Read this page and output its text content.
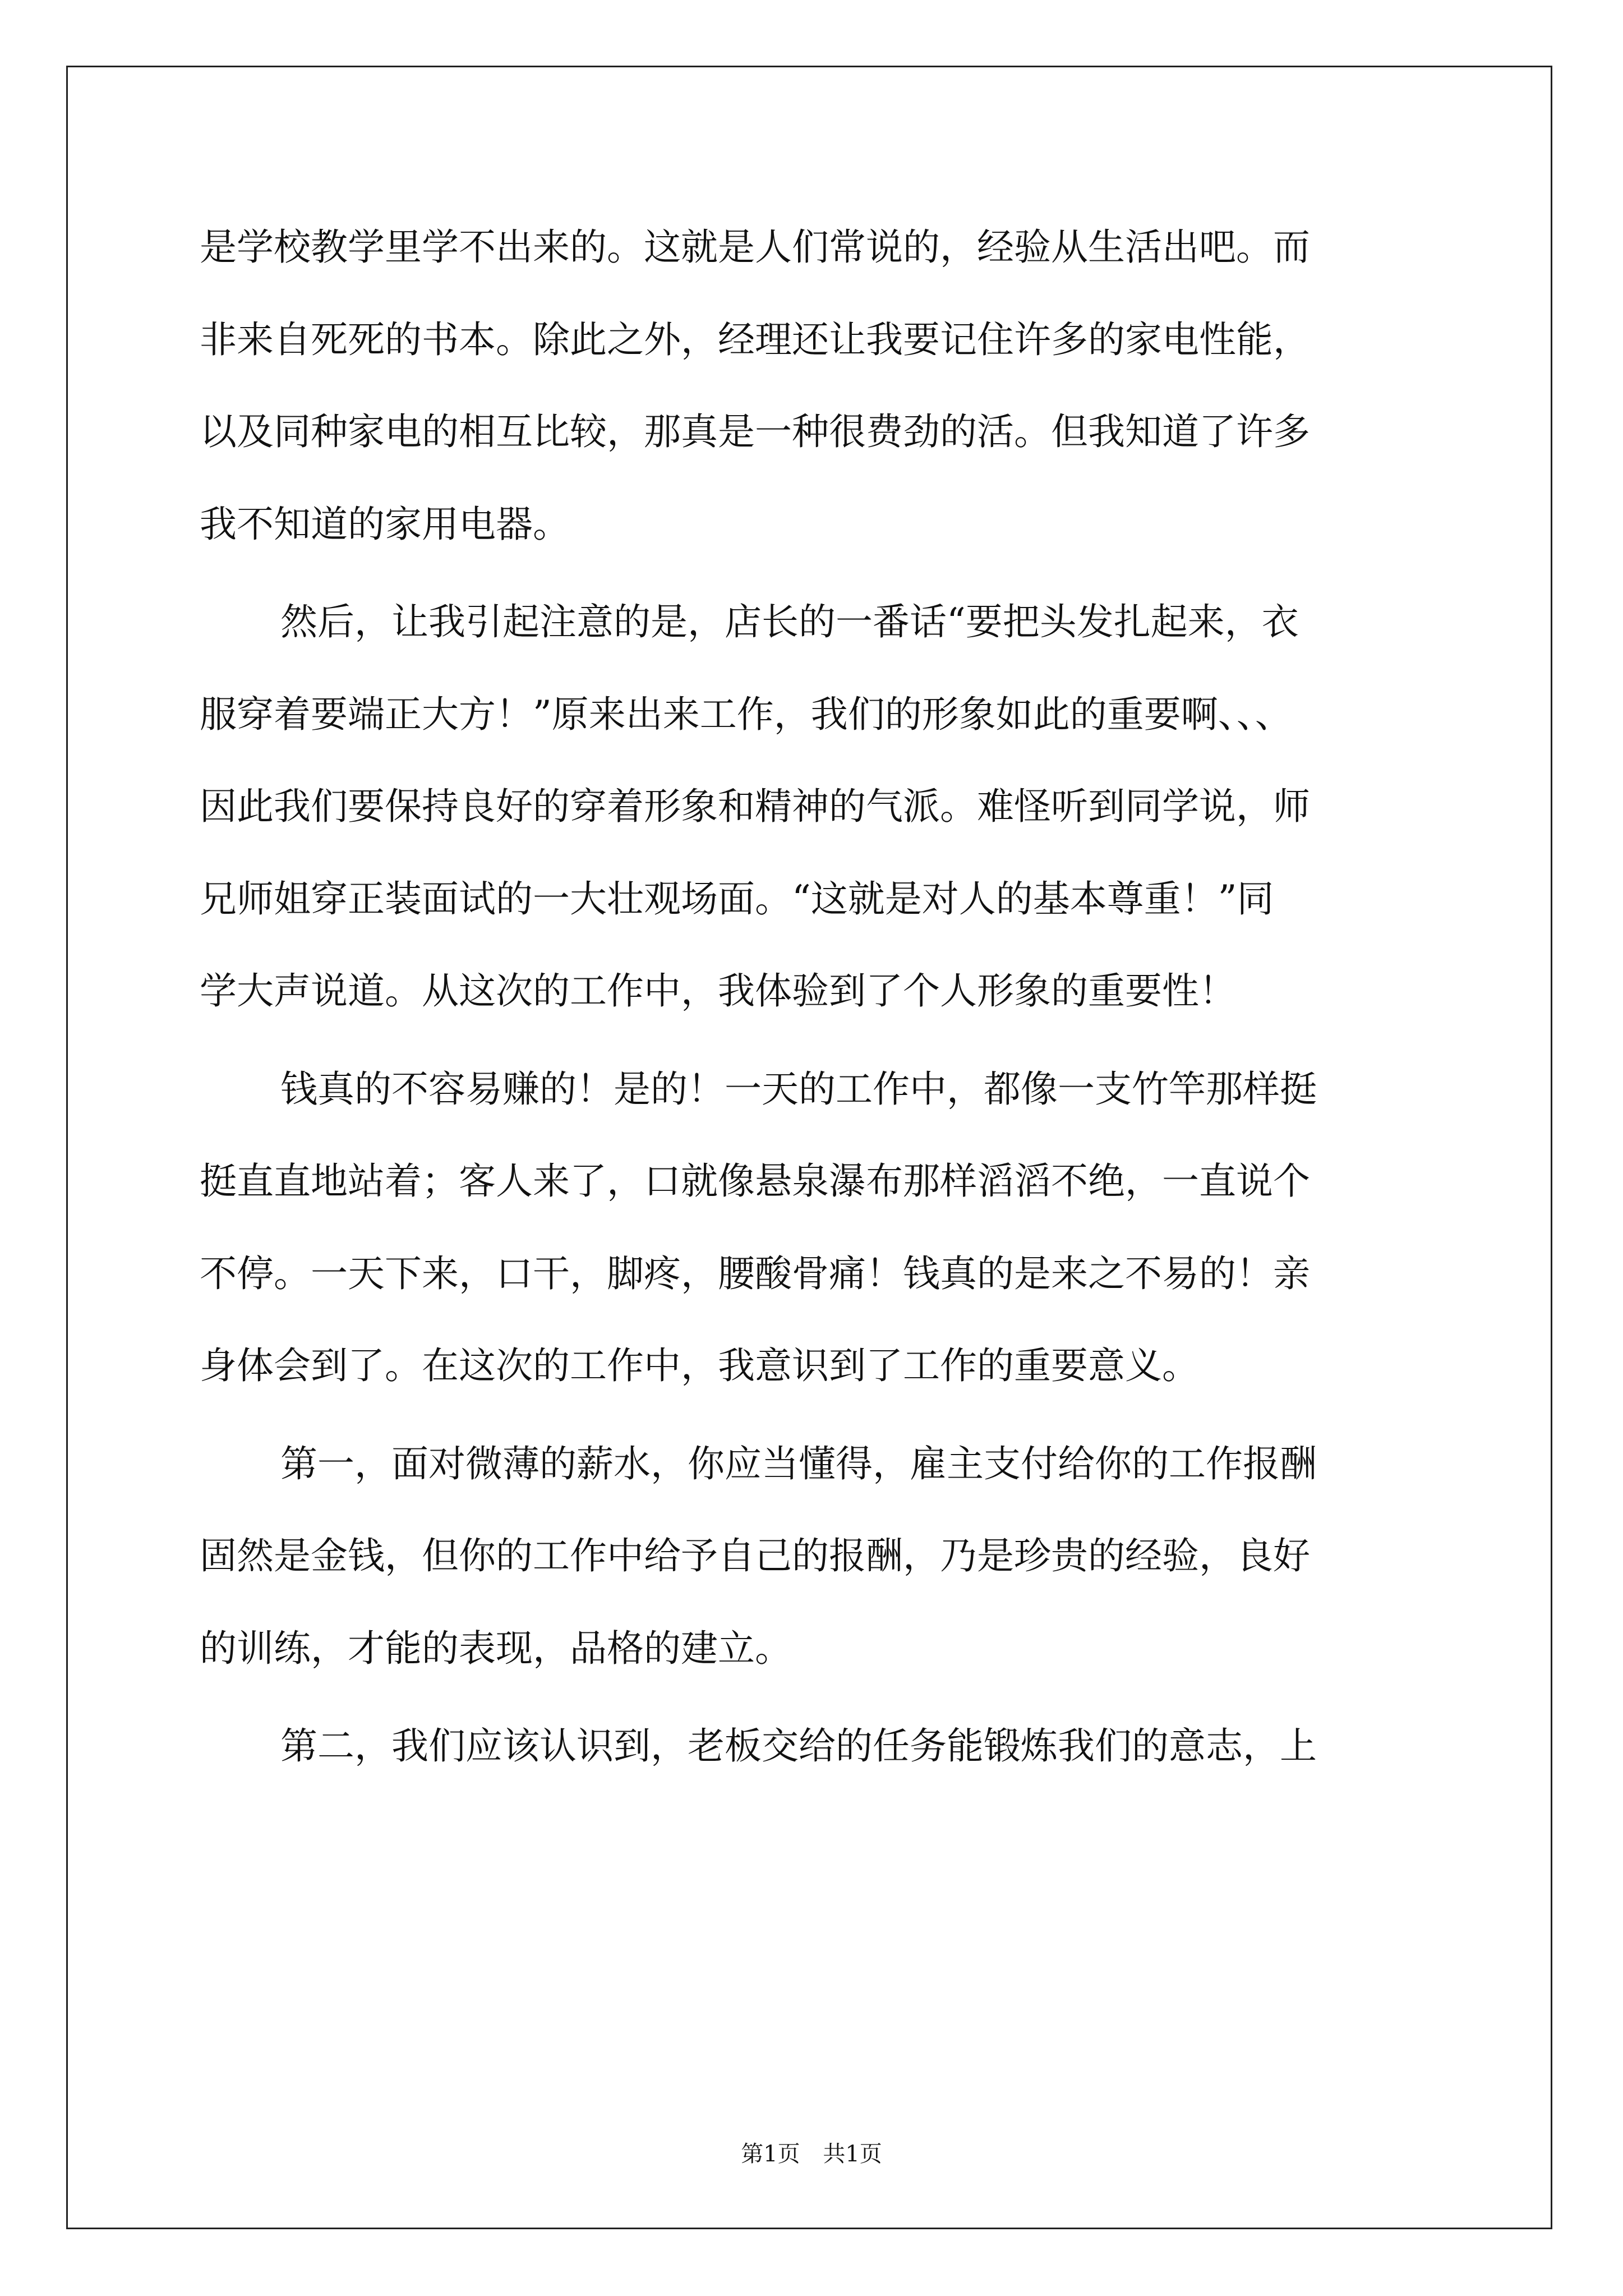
是学校教学里学不出来的。这就是人们常说的，经验从生活出吧。而

非来自死死的书本。除此之外，经理还让我要记住许多的家电性能，

以及同种家电的相互比较，那真是一种很费劲的活。但我知道了许多

我不知道的家用电器。

然后，让我引起注意的是，店长的一番话“要把头发扎起来，衣

服穿着要端正大方！”原来出来工作，我们的形象如此的重要啊、、、

因此我们要保持良好的穿着形象和精神的气派。难怪听到同学说，师

兄师姐穿正装面试的一大壮观场面。“这就是对人的基本尊重！”同

学大声说道。从这次的工作中，我体验到了个人形象的重要性！

钱真的不容易赚的！是的！一天的工作中，都像一支竹竿那样挺

挺直直地站着；客人来了，口就像悬泉瀑布那样滔滔不绝，一直说个

不停。一天下来，口干，脚疼，腰酸骨痛！钱真的是来之不易的！亲

身体会到了。在这次的工作中，我意识到了工作的重要意义。

第一，面对微薄的薪水，你应当懂得，雇主支付给你的工作报酬

固然是金钱，但你的工作中给予自己的报酬，乃是珍贵的经验，良好

的训练，才能的表现，品格的建立。

第二，我们应该认识到，老板交给的任务能锻炼我们的意志，上

第1页 共1页
